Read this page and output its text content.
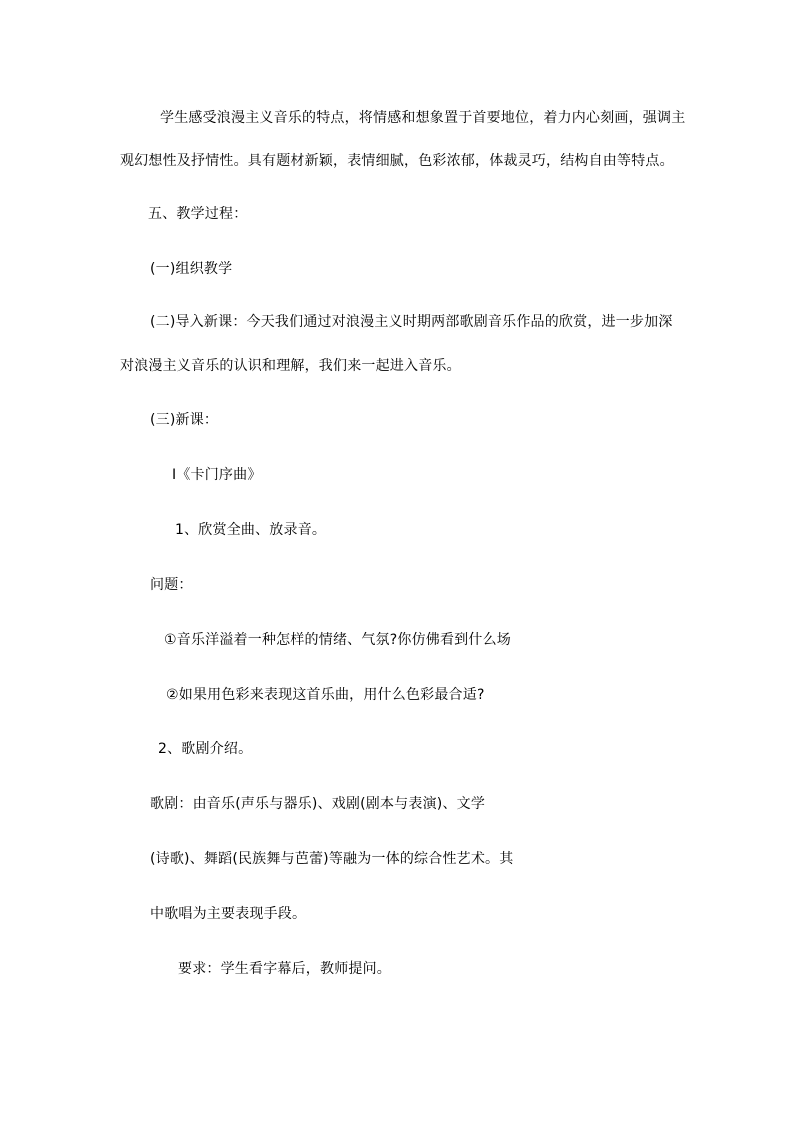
学生感受浪漫主义音乐的特点，将情感和想象置于首要地位，着力内心刻画，强调主
观幻想性及抒情性。具有题材新颖，表情细腻，色彩浓郁，体裁灵巧，结构自由等特点。
五、教学过程：
(一)组织教学
(二)导入新课：今天我们通过对浪漫主义时期两部歌剧音乐作品的欣赏，进一步加深
对浪漫主义音乐的认识和理解，我们来一起进入音乐。
(三)新课：
I《卡门序曲》
1、欣赏全曲、放录音。
问题：
①音乐洋溢着一种怎样的情绪、气氛?你仿佛看到什么场
②如果用色彩来表现这首乐曲，用什么色彩最合适?
2、歌剧介绍。
歌剧：由音乐(声乐与器乐)、戏剧(剧本与表演)、文学
(诗歌)、舞蹈(民族舞与芭蕾)等融为一体的综合性艺术。其
中歌唱为主要表现手段。
要求：学生看字幕后，教师提问。
